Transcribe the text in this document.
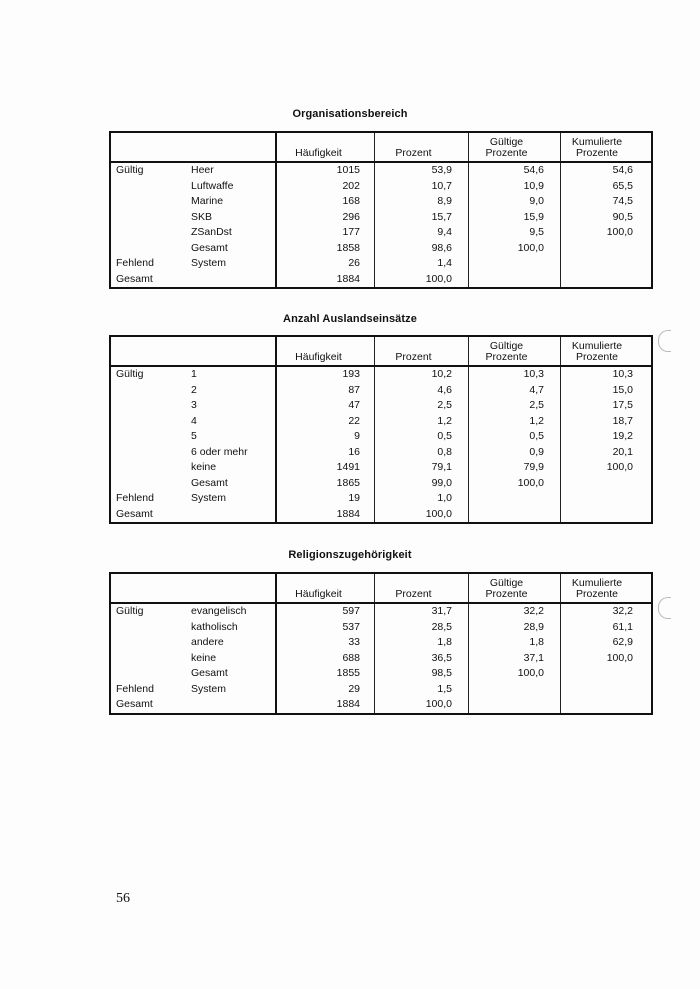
Organisationsbereich
		Häufigkeit	Prozent	Gültige
Prozente	Kumulierte
Prozente
Gültig	Heer	1015	53,9	54,6	54,6
	Luftwaffe	202	10,7	10,9	65,5
	Marine	168	8,9	9,0	74,5
	SKB	296	15,7	15,9	90,5
	ZSanDst	177	9,4	9,5	100,0
	Gesamt	1858	98,6	100,0	
Fehlend	System	26	1,4		
Gesamt		1884	100,0		
Anzahl Auslandseinsätze
		Häufigkeit	Prozent	Gültige
Prozente	Kumulierte
Prozente
Gültig	1	193	10,2	10,3	10,3
	2	87	4,6	4,7	15,0
	3	47	2,5	2,5	17,5
	4	22	1,2	1,2	18,7
	5	9	0,5	0,5	19,2
	6 oder mehr	16	0,8	0,9	20,1
	keine	1491	79,1	79,9	100,0
	Gesamt	1865	99,0	100,0	
Fehlend	System	19	1,0		
Gesamt		1884	100,0		
Religionszugehörigkeit
		Häufigkeit	Prozent	Gültige
Prozente	Kumulierte
Prozente
Gültig	evangelisch	597	31,7	32,2	32,2
	katholisch	537	28,5	28,9	61,1
	andere	33	1,8	1,8	62,9
	keine	688	36,5	37,1	100,0
	Gesamt	1855	98,5	100,0	
Fehlend	System	29	1,5		
Gesamt		1884	100,0		
56
